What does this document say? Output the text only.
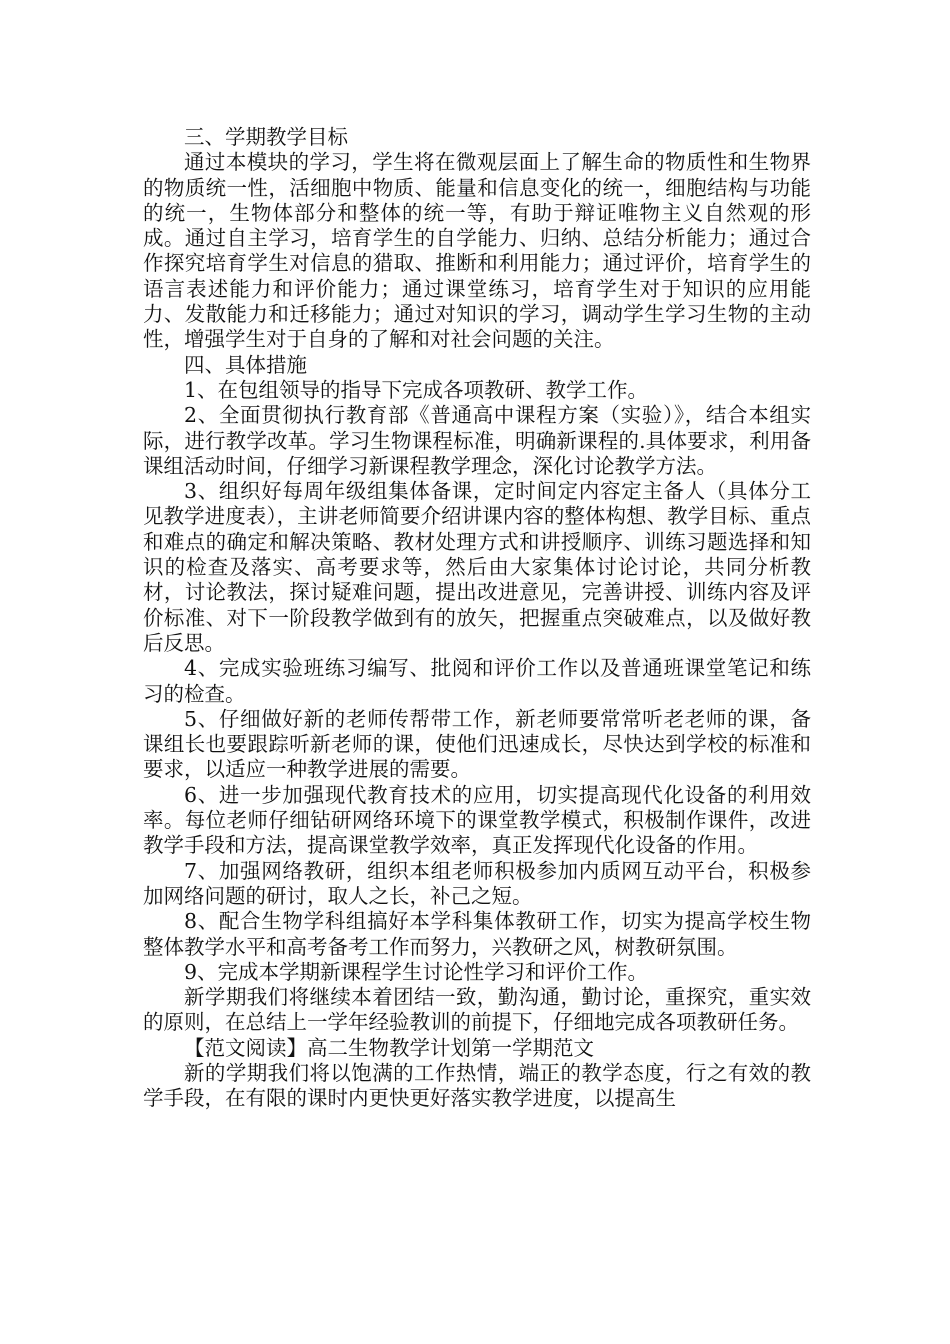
三、学期教学目标

通过本模块的学习，学生将在微观层面上了解生命的物质性和生物界的物质统一性，活细胞中物质、能量和信息变化的统一，细胞结构与功能的统一，生物体部分和整体的统一等，有助于辩证唯物主义自然观的形成。通过自主学习，培育学生的自学能力、归纳、总结分析能力；通过合作探究培育学生对信息的猎取、推断和利用能力；通过评价，培育学生的语言表述能力和评价能力；通过课堂练习，培育学生对于知识的应用能力、发散能力和迁移能力；通过对知识的学习，调动学生学习生物的主动性，增强学生对于自身的了解和对社会问题的关注。

四、具体措施

1、在包组领导的指导下完成各项教研、教学工作。

2、全面贯彻执行教育部《普通高中课程方案（实验）》，结合本组实际，进行教学改革。学习生物课程标准，明确新课程的.具体要求，利用备课组活动时间，仔细学习新课程教学理念，深化讨论教学方法。

3、组织好每周年级组集体备课，定时间定内容定主备人（具体分工见教学进度表），主讲老师简要介绍讲课内容的整体构想、教学目标、重点和难点的确定和解决策略、教材处理方式和讲授顺序、训练习题选择和知识的检查及落实、高考要求等，然后由大家集体讨论讨论，共同分析教材，讨论教法，探讨疑难问题，提出改进意见，完善讲授、训练内容及评价标准、对下一阶段教学做到有的放矢，把握重点突破难点，以及做好教后反思。

4、完成实验班练习编写、批阅和评价工作以及普通班课堂笔记和练习的检查。

5、仔细做好新的老师传帮带工作，新老师要常常听老老师的课，备课组长也要跟踪听新老师的课，使他们迅速成长，尽快达到学校的标准和要求，以适应一种教学进展的需要。

6、进一步加强现代教育技术的应用，切实提高现代化设备的利用效率。每位老师仔细钻研网络环境下的课堂教学模式，积极制作课件，改进教学手段和方法，提高课堂教学效率，真正发挥现代化设备的作用。

7、加强网络教研，组织本组老师积极参加内质网互动平台，积极参加网络问题的研讨，取人之长，补己之短。

8、配合生物学科组搞好本学科集体教研工作，切实为提高学校生物整体教学水平和高考备考工作而努力，兴教研之风，树教研氛围。

9、完成本学期新课程学生讨论性学习和评价工作。

新学期我们将继续本着团结一致，勤沟通，勤讨论，重探究，重实效的原则，在总结上一学年经验教训的前提下，仔细地完成各项教研任务。

【范文阅读】高二生物教学计划第一学期范文

新的学期我们将以饱满的工作热情，端正的教学态度，行之有效的教学手段，在有限的课时内更快更好落实教学进度，以提高生
